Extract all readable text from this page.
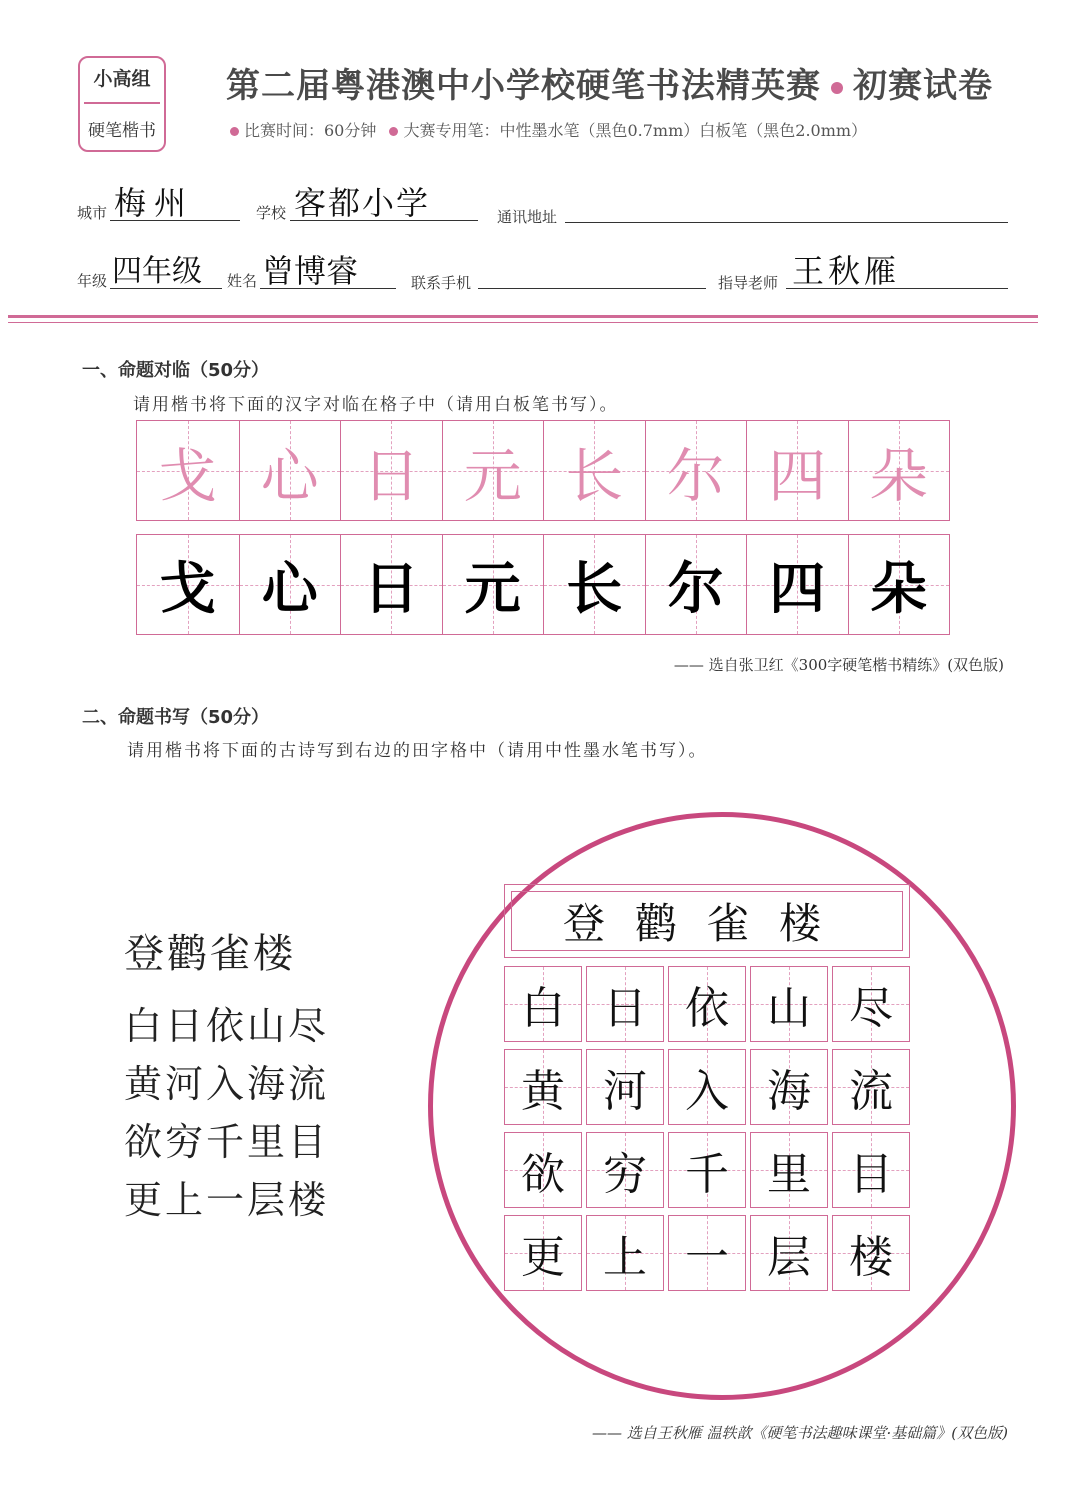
小高组
硬笔楷书
第二届粤港澳中小学校硬笔书法精英赛 初赛试卷
比赛时间：60分钟 大赛专用笔：中性墨水笔（黑色0.7mm）白板笔（黑色2.0mm）
城市 梅州	学校 客都小学	通讯地址
年级 四年级 姓名 曾博睿	联系手机	指导老师 王秋雁
一、命题对临（50分）
请用楷书将下面的汉字对临在格子中（请用白板笔书写）。
戈 心 日 元 长 尔 四 朵
戈 心 日 元 长 尔 四 朵
—— 选自张卫红《300字硬笔楷书精练》(双色版)
二、命题书写（50分）
请用楷书将下面的古诗写到右边的田字格中（请用中性墨水笔书写）。
登鹳雀楼
白日依山尽
黄河入海流
欲穷千里目
更上一层楼
登鹳雀楼
白 日 依 山 尽
黄 河 入 海 流
欲 穷 千 里 目
更 上 一 层 楼
—— 选自王秋雁 温轶歆《硬笔书法趣味课堂·基础篇》(双色版)
